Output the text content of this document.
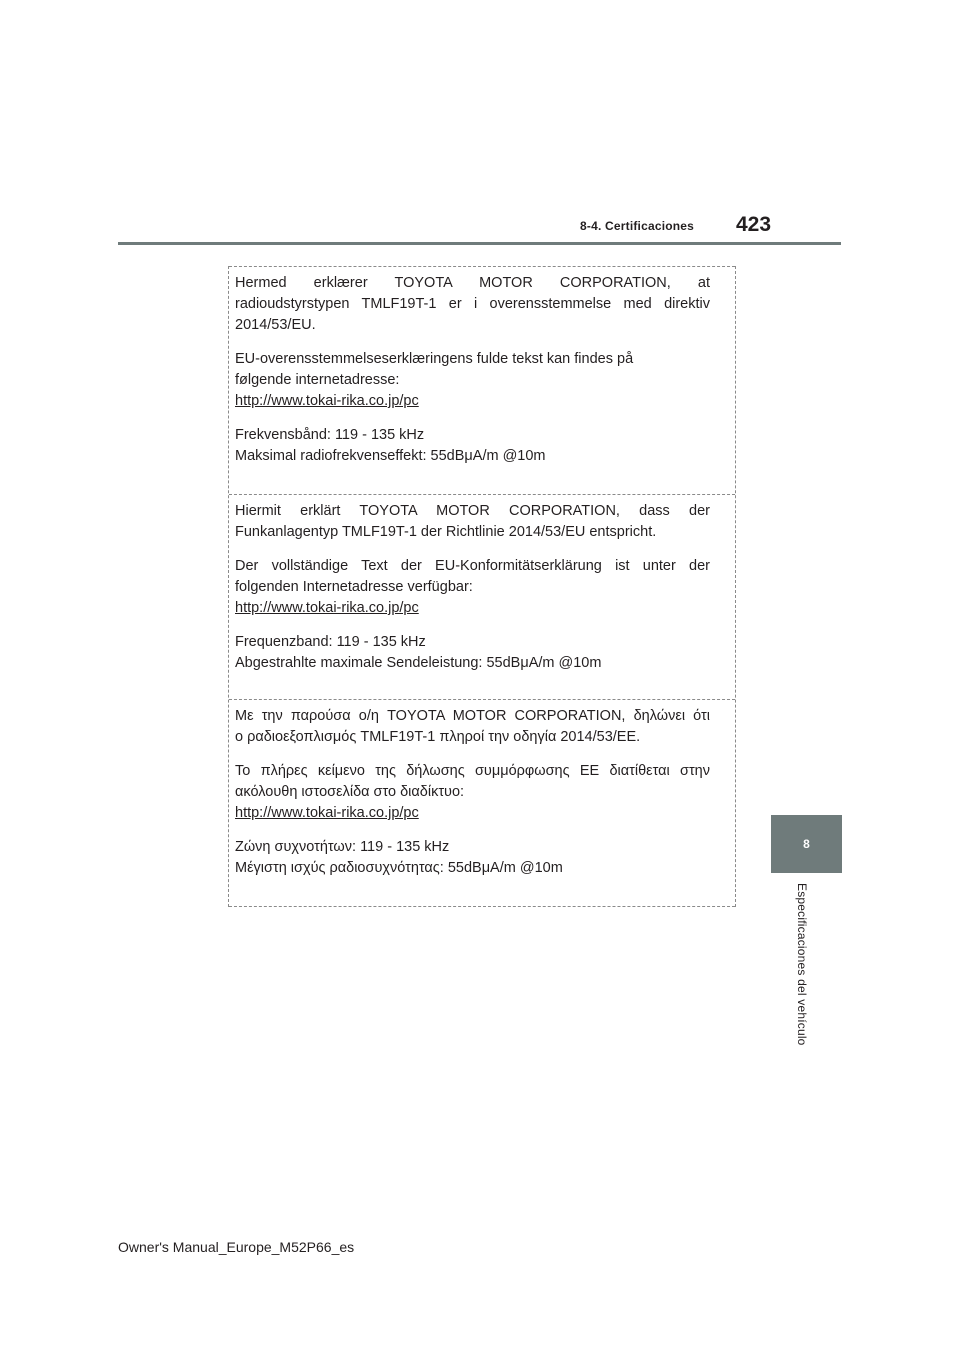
8-4. Certificaciones 423

Hermed erklærer TOYOTA MOTOR CORPORATION, at
radioudstyrstypen TMLF19T-1 er i overensstemmelse med direktiv
2014/53/EU.

EU-overensstemmelseserklæringens fulde tekst kan findes på
følgende internetadresse:
http://www.tokai-rika.co.jp/pc

Frekvensbånd: 119 - 135 kHz
Maksimal radiofrekvenseffekt: 55dBμA/m @10m

Hiermit erklärt TOYOTA MOTOR CORPORATION, dass der
Funkanlagentyp TMLF19T-1 der Richtlinie 2014/53/EU entspricht.

Der vollständige Text der EU-Konformitätserklärung ist unter der
folgenden Internetadresse verfügbar:
http://www.tokai-rika.co.jp/pc

Frequenzband: 119 - 135 kHz
Abgestrahlte maximale Sendeleistung: 55dBμA/m @10m

Με την παρούσα ο/η TOYOTA MOTOR CORPORATION, δηλώνει ότι
ο ραδιοεξοπλισμός TMLF19T-1 πληροί την οδηγία 2014/53/ΕΕ.

Το πλήρες κείμενο της δήλωσης συμμόρφωσης ΕΕ διατίθεται στην
ακόλουθη ιστοσελίδα στο διαδίκτυο:
http://www.tokai-rika.co.jp/pc

Ζώνη συχνοτήτων: 119 - 135 kHz
Μέγιστη ισχύς ραδιοσυχνότητας: 55dBμA/m @10m

8
Especificaciones del vehículo
Owner's Manual_Europe_M52P66_es
